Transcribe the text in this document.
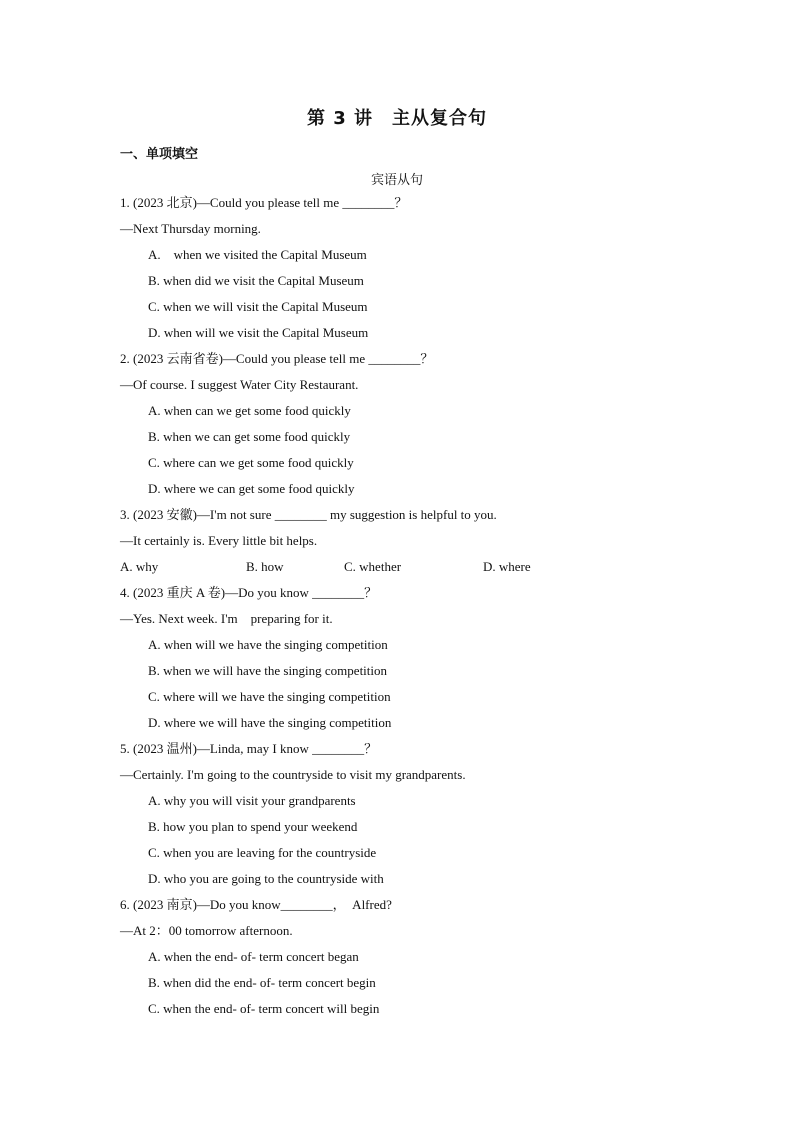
第 3 讲　主从复合句
一、单项填空
宾语从句
1. (2023 北京)—Could you please tell me ________？
—Next Thursday morning.
A.　when we visited the Capital Museum
B. when did we visit the Capital Museum
C. when we will visit the Capital Museum
D. when will we visit the Capital Museum
2. (2023 云南省卷)—Could you please tell me ________？
—Of course. I suggest Water City Restaurant.
A. when can we get some food quickly
B. when we can get some food quickly
C. where can we get some food quickly
D. where we can get some food quickly
3. (2023 安徽)—I'm not sure ________ my suggestion is helpful to you.
—It certainly is. Every little bit helps.
A. why	B. how	C. whether	D. where
4. (2023 重庆 A 卷)—Do you know ________？
—Yes. Next week. I'm　preparing for it.
A. when will we have the singing competition
B. when we will have the singing competition
C. where will we have the singing competition
D. where we will have the singing competition
5. (2023 温州)—Linda, may I know ________？
—Certainly. I'm going to the countryside to visit my grandparents.
A. why you will visit your grandparents
B. how you plan to spend your weekend
C. when you are leaving for the countryside
D. who you are going to the countryside with
6. (2023 南京)—Do you know________，　Alfred?
—At 2：00 tomorrow afternoon.
A. when the end- of- term concert began
B. when did the end- of- term concert begin
C. when the end- of- term concert will begin
